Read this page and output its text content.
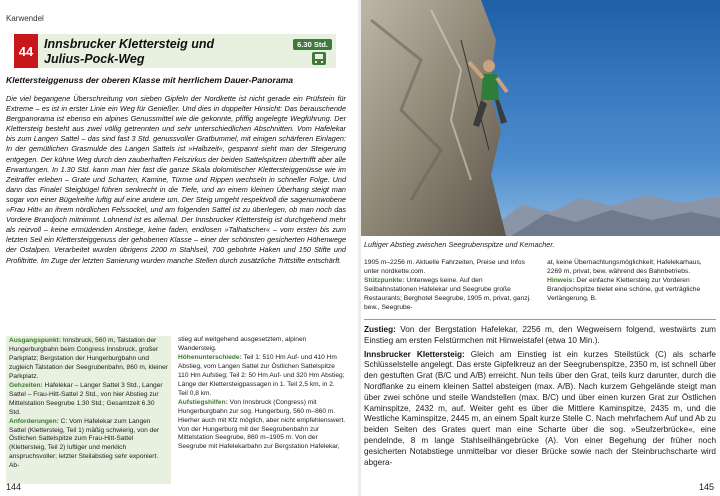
Karwendel
44 Innsbrucker Klettersteig und
Julius-Pock-Weg
6.30 Std.
Klettersteiggenuss der oberen Klasse mit herrlichem Dauer-Panorama
Die viel begangene Überschreitung von sieben Gipfeln der Nordkette ist nicht gerade ein Prüfstein für Extreme – es ist in erster Linie ein Weg für Genießer. Und dies in doppelter Hinsicht: Das berauschende Bergpanorama ist ebenso ein alpines Genussmittel wie die gekonnte, pfiffig angelegte Wegführung. Der Klettersteig besteht aus zwei völlig getrennten und sehr unterschiedlichen Abschnitten. Vom Hafelekar bis zum Langen Sattel – das sind fast 3 Std. genussvoller Gratbummel, mit einigen schärferen Einlagen: In der gemütlichen Grasmulde des Langen Sattels ist »Halbzeit«, gespannt sieht man der Steigerung entgegen. Der kühne Weg durch den zauberhaften Felszirkus der beiden Sattelspitzen übertrifft aber alle Erwartungen. In 1.30 Std. kann man hier fast die ganze Skala dolomitischer Klettersteiggenüsse wie im Zeitraffer erleben – Grate und Scharten, Kamine, Türme und Rippen wechseln in schneller Folge. Und dann das Finale! Steigbügel führen senkrecht in die Tiefe, und an einem kleinen Überhang steigt man sogar von einer Bügelreihe luftig auf eine andere um. Der Steig umgeht respektvoll die sagenumwobene »Frau Hitt« an ihrem nördlichen Felssockel, und am folgenden Sattel ist zu überlegen, ob man noch das Vordere Brandjoch mitnimmt. Lohnend ist es allemal. Der Innsbrucker Klettersteig ist durchgehend mehr als reizvoll – keine ermüdenden Anstiege, keine faden, endlosen »Talhatscher« – vom ersten bis zum letzten Seil ein Klettersteiggenuss der gehobenen Klasse – einer der schönsten gesicherten Höhenwege der Ostalpen. Verarbeitet wurden übrigens 2200 m Stahlseil, 700 gebohrte Haken und 150 Stifte und Profiltritte. Im Zuge der letzten Sanierung wurden manche Stellen durch zusätzliche Trittstifte entschärft.

Ausgangspunkt: Innsbruck, 560 m, Talstation der Hungerburgbahn beim Congress Innsbruck, großer Parkplatz; Bergstation der Hungerburgbahn und zugleich Talstation der Seegrubenbahn, 860 m, kleiner Parkplatz.

Gehzeiten: Hafelekar – Langer Sattel 3 Std., Langer Sattel – Frau-Hitt-Sattel 2 Std., von hier Abstieg zur Mittelstation Seegrube 1.30 Std.; Gesamtzeit 6.30 Std.

Anforderungen: C: Vom Hafelekar zum Langen Sattel (Klettersteig, Teil 1) mäßig schwierig, von der Östlichen Sattelspitze zum Frau-Hitt-Sattel (Klettersteig, Teil 2) luftiger und merklich anspruchsvoller; letzter Steilabstieg sehr exponiert. Ab-

stieg auf weitgehend ausgesetztem, alpinen Wandersteig.

Höhenunterschiede: Teil 1: 510 Hm Auf- und 410 Hm Abstieg, vom Langen Sattel zur Östlichen Sattelspitze 110 Hm Aufstieg; Teil 2: 50 Hm Auf- und 320 Hm Abstieg; Länge der Klettersteigpassagen in 1. Teil 2,5 km, in 2. Teil 0,8 km.

Aufstiegshilfen: Von Innsbruck (Congress) mit Hungerburgbahn zur sog. Hungerburg, 560 m–860 m. Hierher auch mit Kfz möglich, aber nicht empfehlenswert. Von der Hungerburg mit der Seegrubenbahn zur Mittelstation Seegrube, 860 m–1905 m. Von der Seegrube mit Hafelekarbahn zur Bergstation Hafelekar,

144
Luftiger Abstieg zwischen Seegrubenspitze und Kemacher.

1905 m–2256 m. Aktuelle Fahrzeiten, Preise und Infos unter nordkette.com.

Stützpunkte: Unterwegs keine. Auf den Seilbahnstationen Hafelekar und Seegrube große Restaurants; Berghotel Seegrube, 1905 m, privat, ganzj. bew., Seegrube-

at, keine Übernachtungsmöglichkeit; Hafelekarhaus, 2269 m, privat, bew. während des Bahnbetriebs.

Hinweis: Der einfache Klettersteig zur Vorderen Brandjochspitze bietet eine schöne, gut verträgliche Verlängerung, B.

Zustieg: Von der Bergstation Hafelekar, 2256 m, den Wegweisern folgend, westwärts zum Einstieg am ersten Felstürmchen mit Hinweistafel (etwa 10 Min.).

Innsbrucker Klettersteig: Gleich am Einstieg ist ein kurzes Steilstück (C) als scharfe Schlüsselstelle angelegt. Das erste Gipfelkreuz an der Seegrubenspitze, 2350 m, ist schnell über den gestuften Grat (B/C und A/B) erreicht. Nun teils über den Grat, teils kurz darunter, durch die Nordflanke zu einem kleinen Sattel absteigen (max. A/B). Nach kurzem Gehgelände steigt man über zwei schöne und steile Wandstellen (max. B/C) und über einen kurzen Grat zur Östlichen Kaminspitze, 2432 m, auf. Weiter geht es über die Mittlere Kaminspitze, 2435 m, und die Westliche Kaminspitze, 2445 m, an einem Spalt kurze Stelle C. Nach mehrfachem Auf und Ab zu beiden Seiten des Grates quert man eine Scharte über die sog. »Seufzerbrücke«, eine pendelnde, 8 m lange Stahlseilhängebrücke (A). Von einer Begehung der früher noch gesicherten Notabstiege unmittelbar vor dieser Brücke sowie nach der Steinbruchscharte wird abgera-

145
